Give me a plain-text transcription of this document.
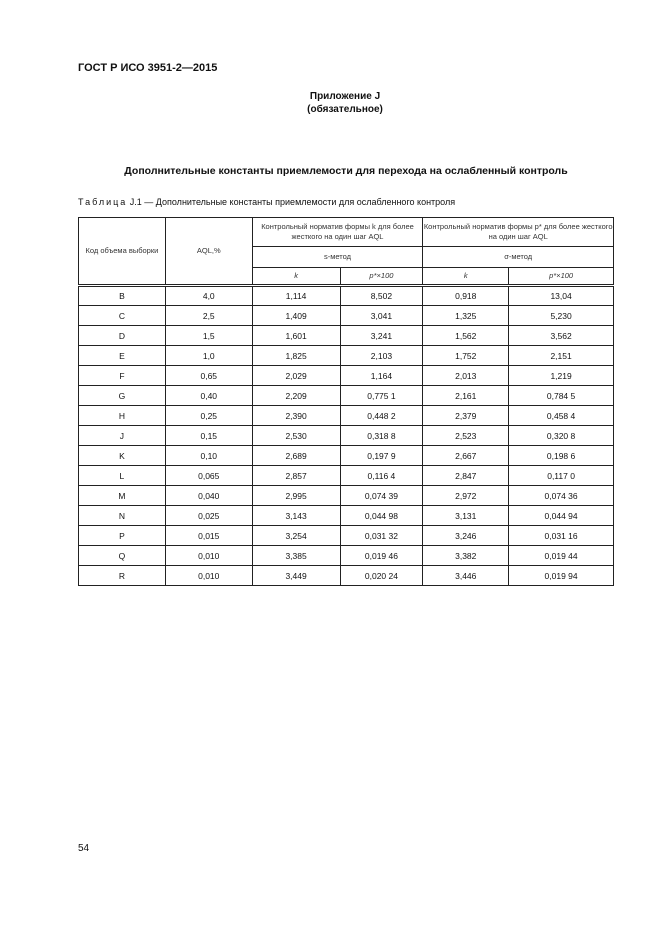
ГОСТ Р ИСО 3951-2—2015
Приложение J
(обязательное)
Дополнительные константы приемлемости для перехода на ослабленный контроль
Таблица J.1 — Дополнительные константы приемлемости для ослабленного контроля
Код объема выборки	AQL,%	Контрольный норматив формы k для более жесткого на один шаг AQL		Контрольный норматив формы p* для более жесткого на один шаг AQL	
		s-метод		σ-метод	
		k	p*×100	k	p*×100
B	4,0	1,114	8,502	0,918	13,04
C	2,5	1,409	3,041	1,325	5,230
D	1,5	1,601	3,241	1,562	3,562
E	1,0	1,825	2,103	1,752	2,151
F	0,65	2,029	1,164	2,013	1,219
G	0,40	2,209	0,775 1	2,161	0,784 5
H	0,25	2,390	0,448 2	2,379	0,458 4
J	0,15	2,530	0,318 8	2,523	0,320 8
K	0,10	2,689	0,197 9	2,667	0,198 6
L	0,065	2,857	0,116 4	2,847	0,117 0
M	0,040	2,995	0,074 39	2,972	0,074 36
N	0,025	3,143	0,044 98	3,131	0,044 94
P	0,015	3,254	0,031 32	3,246	0,031 16
Q	0,010	3,385	0,019 46	3,382	0,019 44
R	0,010	3,449	0,020 24	3,446	0,019 94
54
